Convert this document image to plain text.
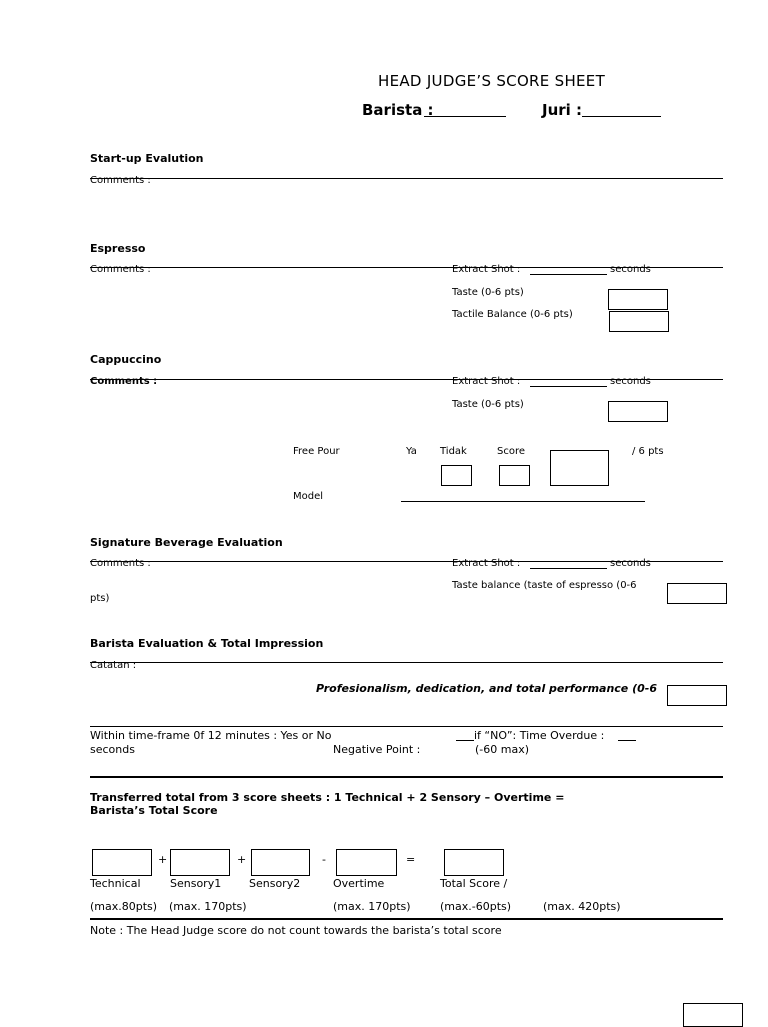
HEAD JUDGE’S SCORE SHEET
Barista :	Juri :
Start-up Evalution
Comments :
Espresso
Comments :	Extract Shot :	seconds
Taste (0-6 pts)
Tactile Balance (0-6 pts)
Cappuccino
Comments :	Extract Shot :	seconds
Taste (0-6 pts)
Free Pour	Ya Tidak	Score	/ 6 pts
Model
Signature Beverage Evaluation
Comments :	Extract Shot :	seconds
Taste balance (taste of espresso (0-6
pts)
Barista Evaluation & Total Impression
Catatan :
Profesionalism, dedication, and total performance (0-6
Within time-frame 0f 12 minutes : Yes or No	if “NO”: Time Overdue :
seconds	Negative Point :	(-60 max)
Transferred total from 3 score sheets : 1 Technical + 2 Sensory – Overtime =
Barista’s Total Score
+	+	-	=
Technical	Sensory1	Sensory2	Overtime	Total Score /
(max.80pts) (max. 170pts)	(max. 170pts)	(max.-60pts)	(max. 420pts)
Note : The Head Judge score do not count towards the barista’s total score
